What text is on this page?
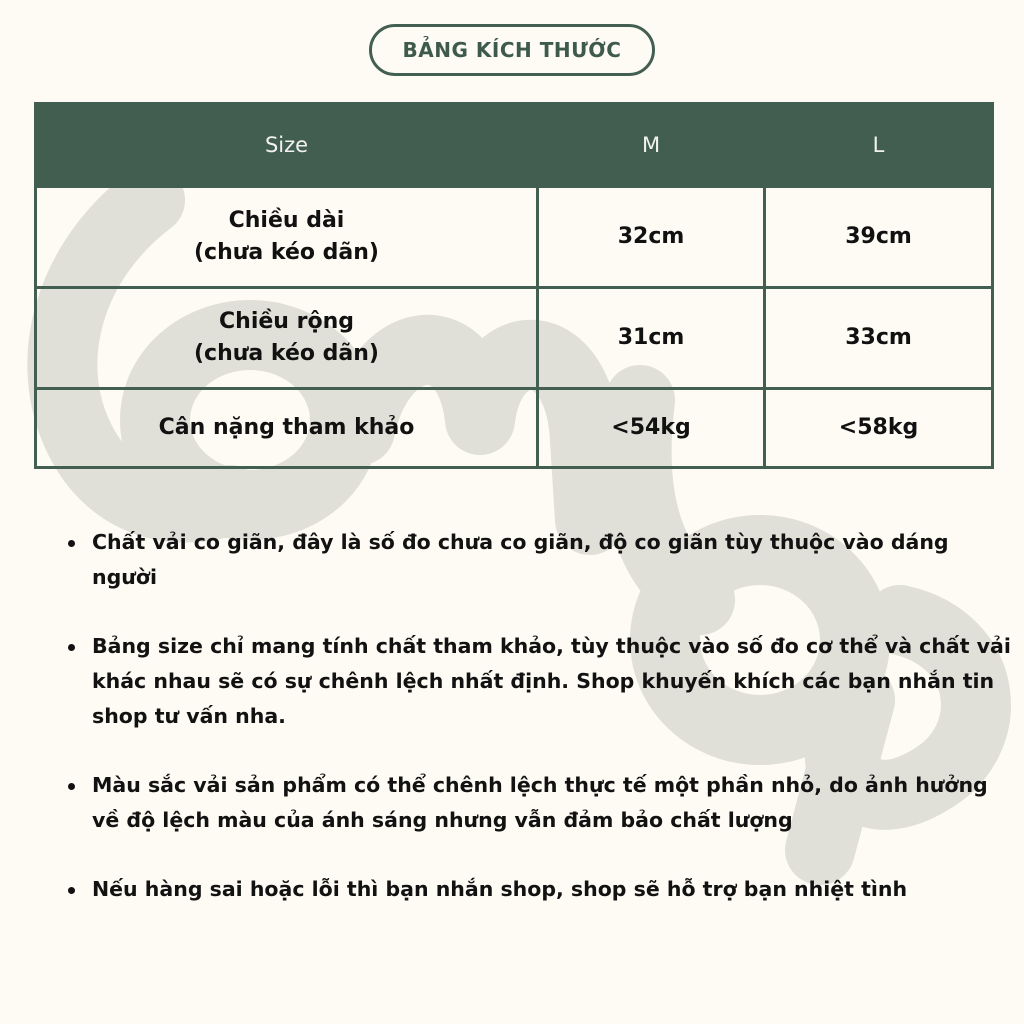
BẢNG KÍCH THƯỚC
Size	M	L

Chiều dài
(chưa kéo dãn)	32cm	39cm

Chiều rộng
(chưa kéo dãn)	31cm	33cm

Cân nặng tham khảo	<54kg	<58kg
Chất vải co giãn, đây là số đo chưa co giãn, độ co giãn tùy thuộc vào dáng người
Bảng size chỉ mang tính chất tham khảo, tùy thuộc vào số đo cơ thể và chất vải khác nhau sẽ có sự chênh lệch nhất định. Shop khuyến khích các bạn nhắn tin shop tư vấn nha.
Màu sắc vải sản phẩm có thể chênh lệch thực tế một phần nhỏ, do ảnh hưởng về độ lệch màu của ánh sáng nhưng vẫn đảm bảo chất lượng
Nếu hàng sai hoặc lỗi thì bạn nhắn shop, shop sẽ hỗ trợ bạn nhiệt tình
